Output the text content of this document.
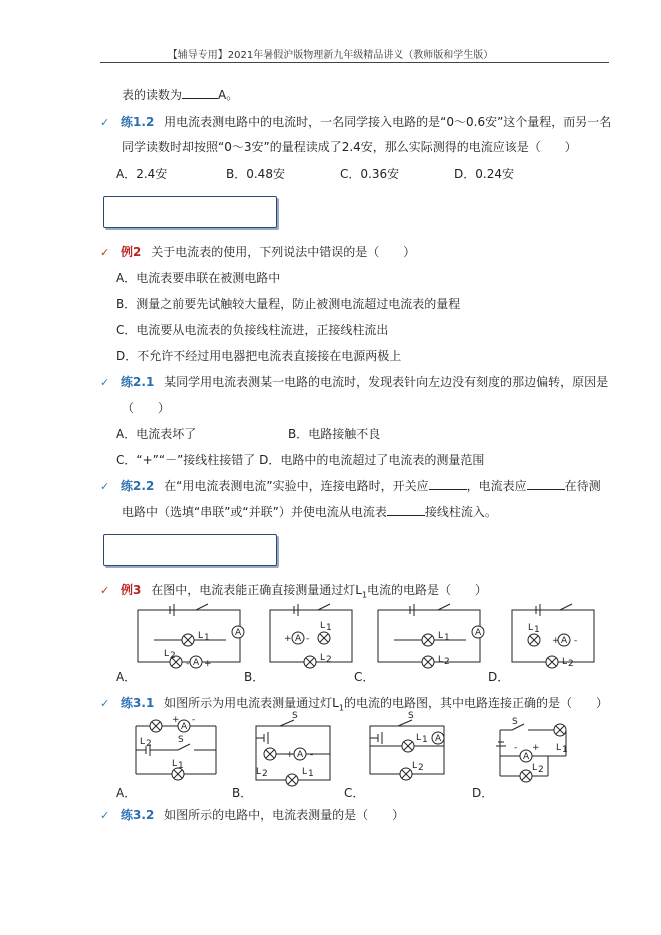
【辅导专用】2021年暑假沪版物理新九年级精品讲义（教师版和学生版）
表的读数为	A。
✓ 练1.2 用电流表测电路中的电流时，一名同学接入电路的是“0～0.6安”这个量程，而另一名
同学读数时却按照“0～3安”的量程读成了2.4安，那么实际测得的电流应该是（　　）
A．2.4安	B．0.48安	C．0.36安	D．0.24安
✓ 例2 关于电流表的使用，下列说法中错误的是（　　）
A．电流表要串联在被测电路中
B．测量之前要先试触较大量程，防止被测电流超过电流表的量程
C．电流要从电流表的负接线柱流进，正接线柱流出
D．不允许不经过用电器把电流表直接接在电源两极上
✓ 练2.1 某同学用电流表测某一电路的电流时，发现表针向左边没有刻度的那边偏转，原因是
（　　）
A．电流表坏了	B．电路接触不良
C．“+”“－”接线柱接错了 D．电路中的电流超过了电流表的测量范围
✓ 练2.2 在“用电流表测电流”实验中，连接电路时，开关应	，电流表应	在待测
电路中（选填“串联”或“并联”）并使电流从电流表	接线柱流入。
✓ 例3 在图中，电流表能正确直接测量通过灯$L_1$电流的电路是（　　）
A
L 1
A
L 2
+
-
A．
A
+ -
L 1
L 2
B．
A
L 1
L 2
C．
L 1
A
+ -
L 2
D．
✓ 练3.1 如图所示为用电流表测量通过灯$L_1$的电流的电路图，其中电路连接正确的是（　　）
A
+ -
S
L 2
L 1
A．
S
A
+ -
L 2	L 1
B．
S
A
L 1
L 2
C．
S
L 1
A
- +
L 2
D．
✓ 练3.2 如图所示的电路中，电流表测量的是（　　）
